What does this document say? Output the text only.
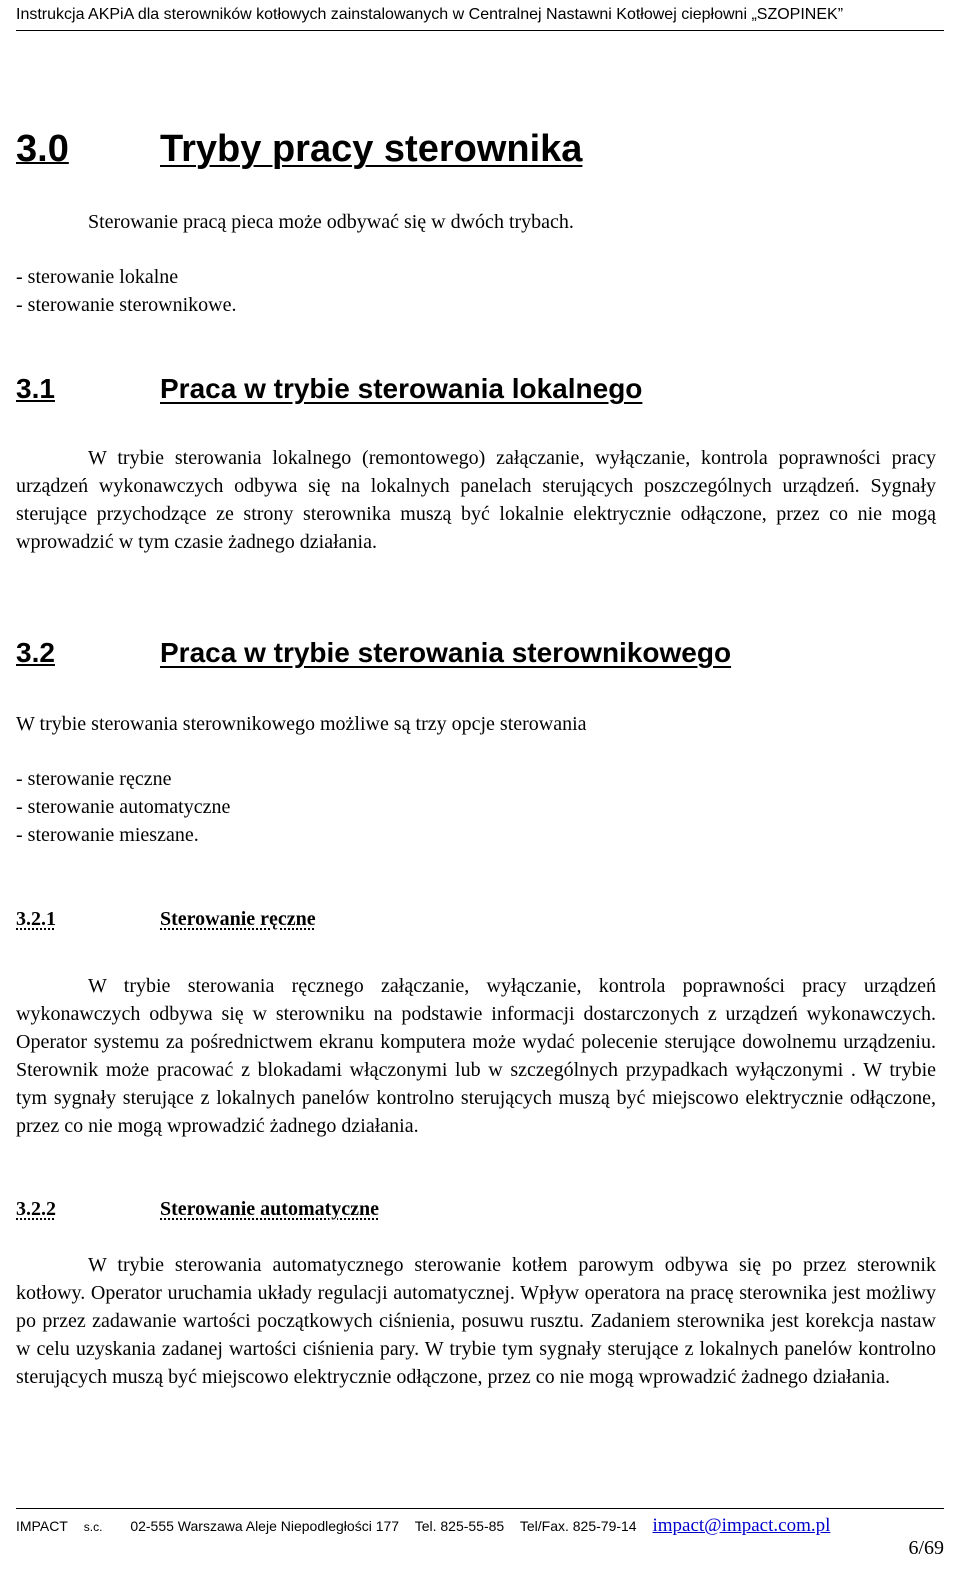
Instrukcja AKPiA dla sterowników kotłowych zainstalowanych w Centralnej Nastawni Kotłowej ciepłowni „SZOPINEK”
3.0 Tryby pracy sterownika
Sterowanie pracą pieca może odbywać się w dwóch trybach.
- sterowanie lokalne
- sterowanie sterownikowe.
3.1	Praca w trybie sterowania lokalnego
W trybie sterowania lokalnego (remontowego) załączanie, wyłączanie, kontrola poprawności pracy urządzeń wykonawczych odbywa się na lokalnych panelach sterujących poszczególnych urządzeń. Sygnały sterujące przychodzące ze strony sterownika muszą być lokalnie elektrycznie odłączone, przez co nie mogą wprowadzić w tym czasie żadnego działania.
3.2	Praca w trybie sterowania sterownikowego
W trybie sterowania sterownikowego możliwe są trzy opcje sterowania
- sterowanie ręczne
- sterowanie automatyczne
- sterowanie mieszane.
3.2.1	Sterowanie ręczne
W trybie sterowania ręcznego załączanie, wyłączanie, kontrola poprawności pracy urządzeń wykonawczych odbywa się w sterowniku na podstawie informacji dostarczonych z urządzeń wykonawczych. Operator systemu za pośrednictwem ekranu komputera może wydać polecenie sterujące dowolnemu urządzeniu. Sterownik może pracować z blokadami włączonymi lub w szczególnych przypadkach wyłączonymi . W trybie tym sygnały sterujące z lokalnych panelów kontrolno sterujących muszą być miejscowo elektrycznie odłączone, przez co nie mogą wprowadzić żadnego działania.
3.2.2	Sterowanie automatyczne
W trybie sterowania automatycznego sterowanie kotłem parowym odbywa się po przez sterownik kotłowy. Operator uruchamia układy regulacji automatycznej. Wpływ operatora na pracę sterownika jest możliwy po przez zadawanie wartości początkowych ciśnienia, posuwu rusztu. Zadaniem sterownika jest korekcja nastaw w celu uzyskania zadanej wartości ciśnienia pary. W trybie tym sygnały sterujące z lokalnych panelów kontrolno sterujących muszą być miejscowo elektrycznie odłączone, przez co nie mogą wprowadzić żadnego działania.
IMPACT s.c. 02-555 Warszawa Aleje Niepodległości 177 Tel. 825-55-85 Tel/Fax. 825-79-14 impact@impact.com.pl
6/69
